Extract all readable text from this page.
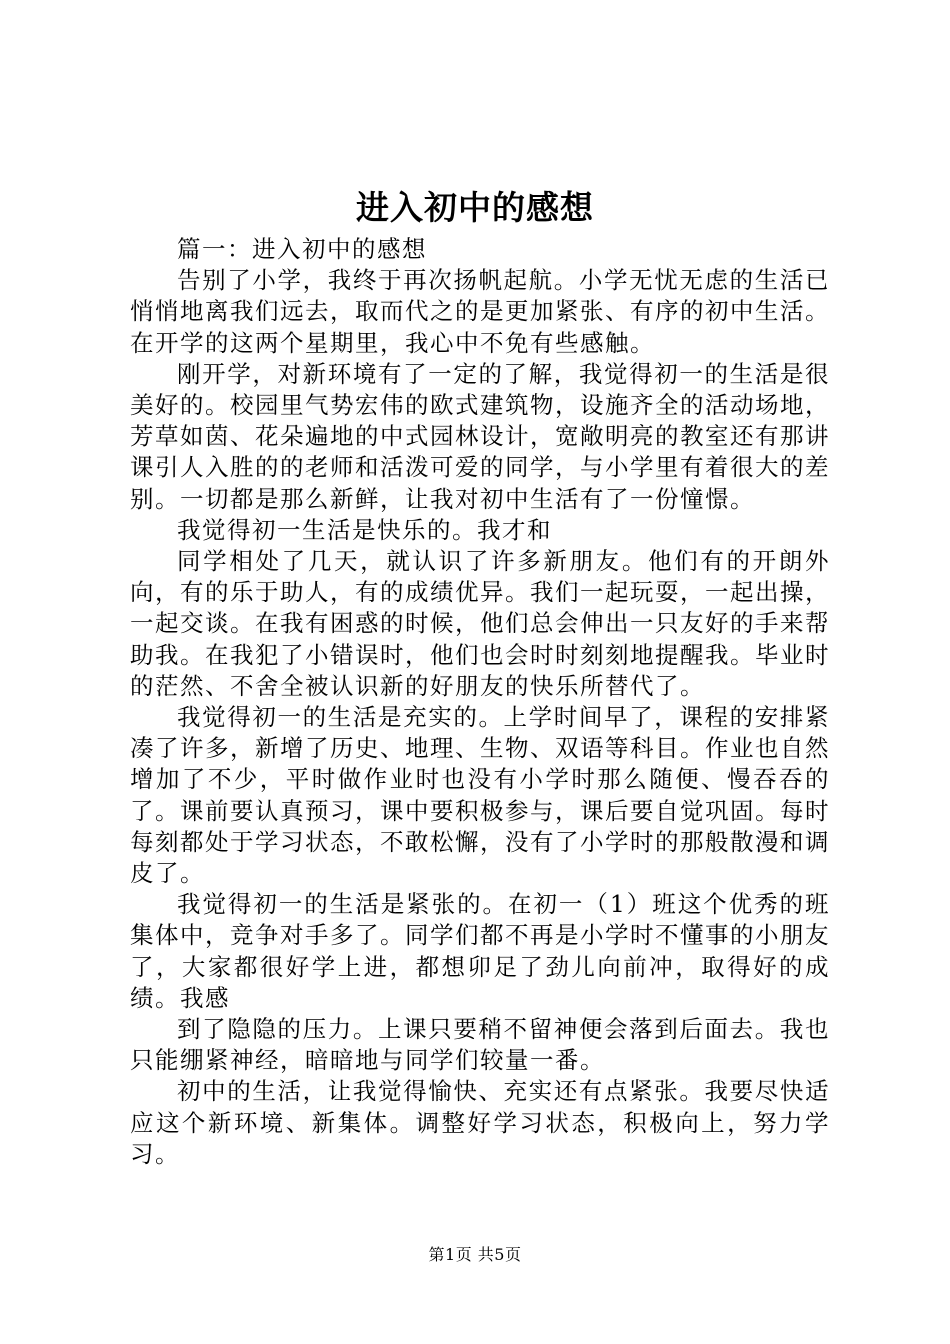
进入初中的感想

篇一：进入初中的感想

告别了小学，我终于再次扬帆起航。小学无忧无虑的生活已悄悄地离我们远去，取而代之的是更加紧张、有序的初中生活。在开学的这两个星期里，我心中不免有些感触。

刚开学，对新环境有了一定的了解，我觉得初一的生活是很美好的。校园里气势宏伟的欧式建筑物，设施齐全的活动场地，芳草如茵、花朵遍地的中式园林设计，宽敞明亮的教室还有那讲课引人入胜的的老师和活泼可爱的同学，与小学里有着很大的差别。一切都是那么新鲜，让我对初中生活有了一份憧憬。

我觉得初一生活是快乐的。我才和

同学相处了几天，就认识了许多新朋友。他们有的开朗外向，有的乐于助人，有的成绩优异。我们一起玩耍，一起出操，一起交谈。在我有困惑的时候，他们总会伸出一只友好的手来帮助我。在我犯了小错误时，他们也会时时刻刻地提醒我。毕业时的茫然、不舍全被认识新的好朋友的快乐所替代了。

我觉得初一的生活是充实的。上学时间早了，课程的安排紧凑了许多，新增了历史、地理、生物、双语等科目。作业也自然增加了不少，平时做作业时也没有小学时那么随便、慢吞吞的了。课前要认真预习，课中要积极参与，课后要自觉巩固。每时每刻都处于学习状态，不敢松懈，没有了小学时的那般散漫和调皮了。

我觉得初一的生活是紧张的。在初一（1）班这个优秀的班集体中，竞争对手多了。同学们都不再是小学时不懂事的小朋友了，大家都很好学上进，都想卯足了劲儿向前冲，取得好的成绩。我感

到了隐隐的压力。上课只要稍不留神便会落到后面去。我也只能绷紧神经，暗暗地与同学们较量一番。

初中的生活，让我觉得愉快、充实还有点紧张。我要尽快适应这个新环境、新集体。调整好学习状态，积极向上，努力学习。

第1页 共5页
